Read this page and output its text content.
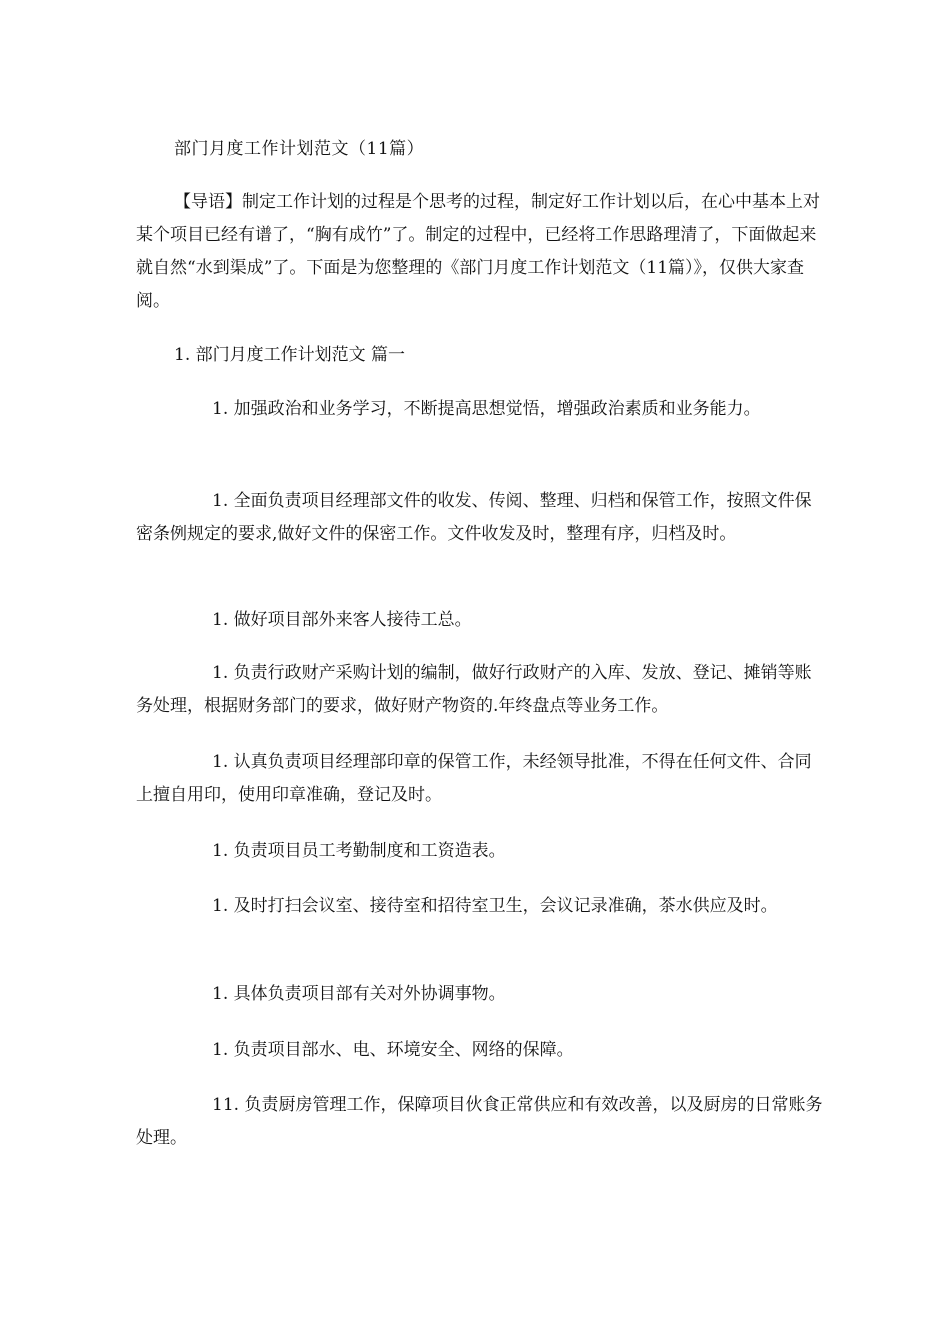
部门月度工作计划范文（11篇）

【导语】制定工作计划的过程是个思考的过程，制定好工作计划以后，在心中基本上对某个项目已经有谱了，“胸有成竹”了。制定的过程中，已经将工作思路理清了，下面做起来就自然“水到渠成”了。下面是为您整理的《部门月度工作计划范文（11篇）》，仅供大家查阅。

1. 部门月度工作计划范文 篇一

1. 加强政治和业务学习，不断提高思想觉悟，增强政治素质和业务能力。

1. 全面负责项目经理部文件的收发、传阅、整理、归档和保管工作，按照文件保密条例规定的要求,做好文件的保密工作。文件收发及时，整理有序，归档及时。

1. 做好项目部外来客人接待工总。

1. 负责行政财产采购计划的编制，做好行政财产的入库、发放、登记、摊销等账务处理，根据财务部门的要求，做好财产物资的.年终盘点等业务工作。

1. 认真负责项目经理部印章的保管工作，未经领导批准，不得在任何文件、合同上擅自用印，使用印章准确，登记及时。

1. 负责项目员工考勤制度和工资造表。

1. 及时打扫会议室、接待室和招待室卫生，会议记录准确，茶水供应及时。

1. 具体负责项目部有关对外协调事物。

1. 负责项目部水、电、环境安全、网络的保障。

11. 负责厨房管理工作，保障项目伙食正常供应和有效改善，以及厨房的日常账务处理。
